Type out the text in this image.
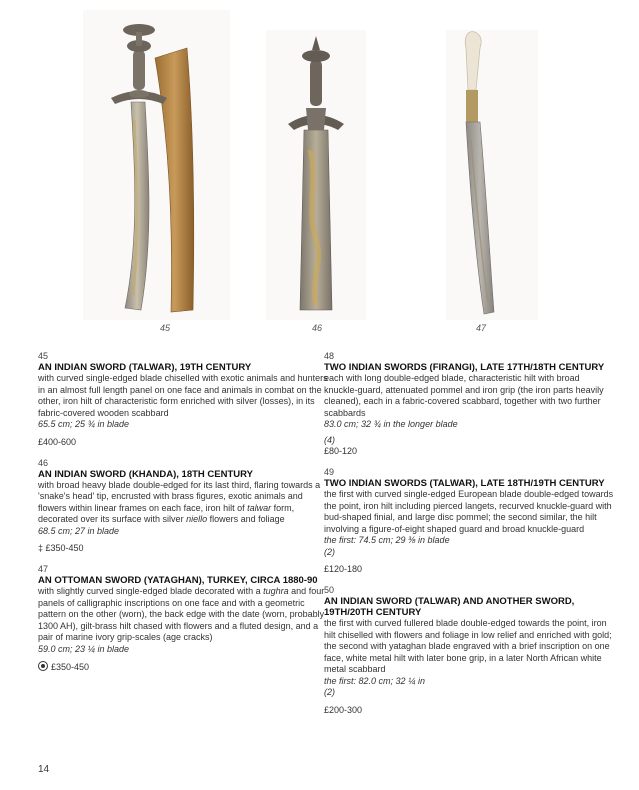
45	46	47
45
AN INDIAN SWORD (TALWAR), 19TH CENTURY
with curved single-edged blade chiselled with exotic animals and hunters in an almost full length panel on one face and animals in combat on the other, iron hilt of characteristic form enriched with silver (losses), in its fabric-covered wooden scabbard
65.5 cm; 25 ¾ in blade
£400-600
46
AN INDIAN SWORD (KHANDA), 18TH CENTURY
with broad heavy blade double-edged for its last third, flaring towards a 'snake's head' tip, encrusted with brass figures, exotic animals and flowers within linear frames on each face, iron hilt of talwar form, decorated over its surface with silver niello flowers and foliage
68.5 cm; 27 in blade
‡ £350-450
47
AN OTTOMAN SWORD (YATAGHAN), TURKEY, CIRCA 1880-90
with slightly curved single-edged blade decorated with a tughra and four panels of calligraphic inscriptions on one face and with a geometric pattern on the other (worn), the back edge with the date (worn, probably 1300 AH), gilt-brass hilt chased with flowers and a fluted design, and a pair of marine ivory grip-scales (age cracks)
59.0 cm; 23 ¼ in blade
£350-450
48
TWO INDIAN SWORDS (FIRANGI), LATE 17TH/18TH CENTURY
each with long double-edged blade, characteristic hilt with broad knuckle-guard, attenuated pommel and iron grip (the iron parts heavily cleaned), each in a fabric-covered scabbard, together with two further scabbards
83.0 cm; 32 ¾ in the longer blade
(4)
£80-120
49
TWO INDIAN SWORDS (TALWAR), LATE 18TH/19TH CENTURY
the first with curved single-edged European blade double-edged towards the point, iron hilt including pierced langets, recurved knuckle-guard with bud-shaped finial, and large disc pommel; the second similar, the hilt involving a figure-of-eight shaped guard and broad knuckle-guard
the first: 74.5 cm; 29 ⅜ in blade
(2)
£120-180
50
AN INDIAN SWORD (TALWAR) AND ANOTHER SWORD, 19TH/20TH CENTURY
the first with curved fullered blade double-edged towards the point, iron hilt chiselled with flowers and foliage in low relief and enriched with gold; the second with yataghan blade engraved with a brief inscription on one face, white metal hilt with later bone grip, in a later North African white metal scabbard
the first: 82.0 cm; 32 ¼ in
(2)
£200-300
14
